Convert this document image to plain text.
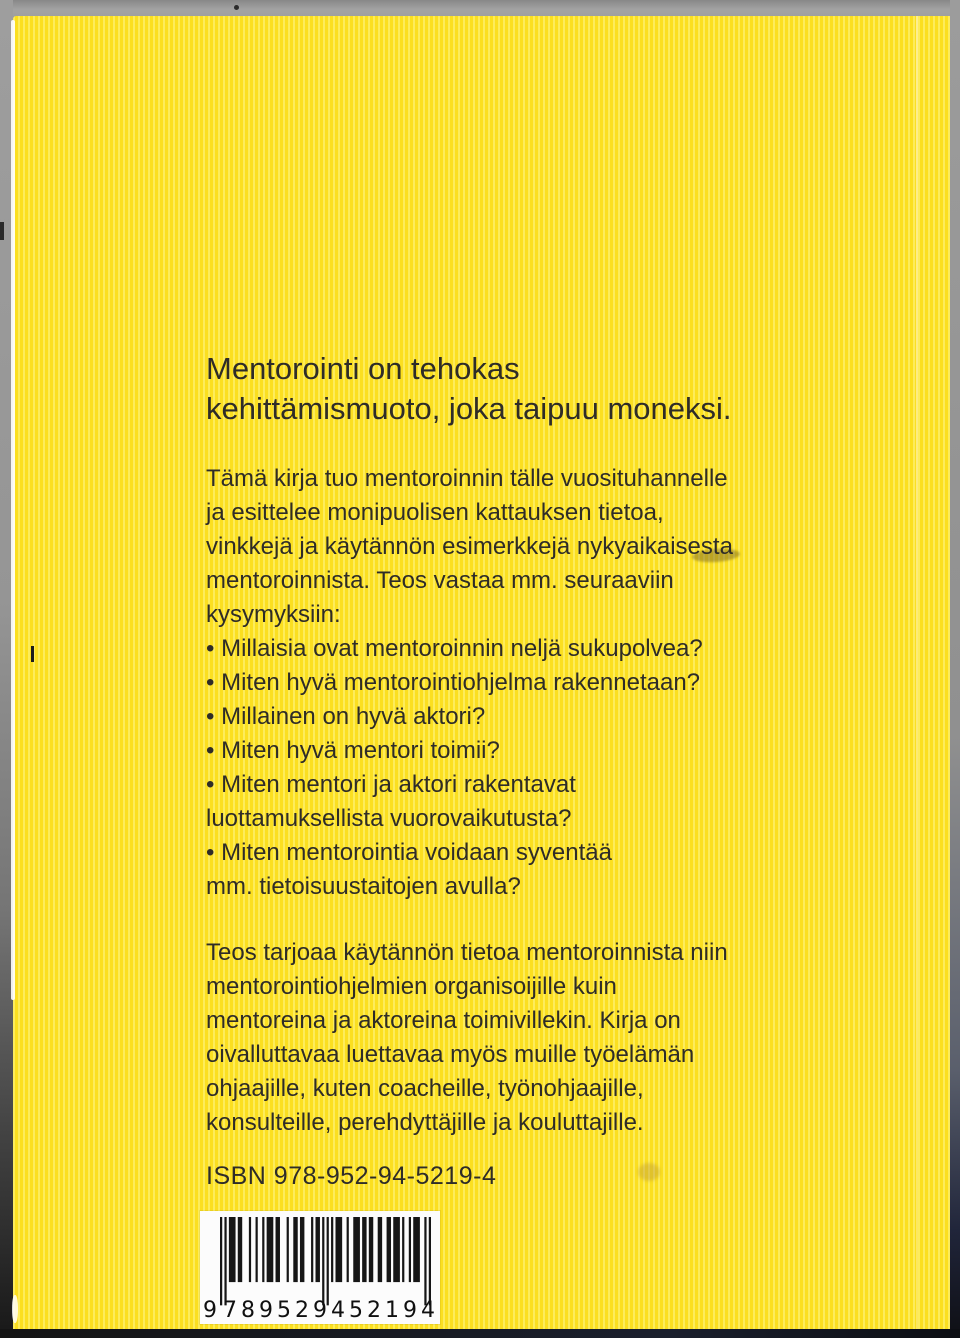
Mentorointi on tehokas
kehittämismuoto, joka taipuu moneksi.
Tämä kirja tuo mentoroinnin tälle vuosituhannelle
ja esittelee monipuolisen kattauksen tietoa,
vinkkejä ja käytännön esimerkkejä nykyaikaisesta
mentoroinnista. Teos vastaa mm. seuraaviin
kysymyksiin:
• Millaisia ovat mentoroinnin neljä sukupolvea?
• Miten hyvä mentorointiohjelma rakennetaan?
• Millainen on hyvä aktori?
• Miten hyvä mentori toimii?
• Miten mentori ja aktori rakentavat
luottamuksellista vuorovaikutusta?
• Miten mentorointia voidaan syventää
mm. tietoisuustaitojen avulla?
Teos tarjoaa käytännön tietoa mentoroinnista niin
mentorointiohjelmien organisoijille kuin
mentoreina ja aktoreina toimivillekin. Kirja on
oivalluttavaa luettavaa myös muille työelämän
ohjaajille, kuten coacheille, työnohjaajille,
konsulteille, perehdyttäjille ja kouluttajille.
ISBN 978-952-94-5219-4
9 789529 452194
